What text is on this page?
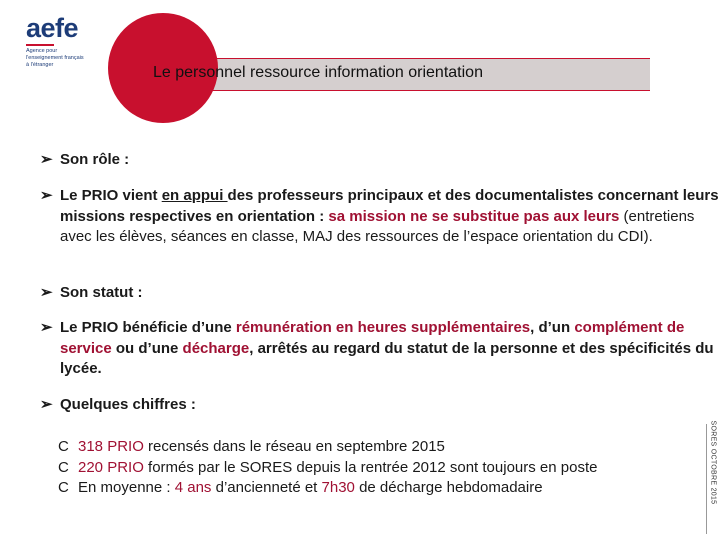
aefe
Agence pour
l'enseignement français
à l'étranger	Le personnel ressource information orientation
➢ Son rôle :
➢ Le PRIO vient en appui des professeurs principaux et des documentalistes concernant leurs missions respectives en orientation : sa mission ne se substitue pas aux leurs (entretiens avec les élèves, séances en classe, MAJ des ressources de l’espace orientation du CDI).
➢ Son statut :
➢ Le PRIO bénéficie d’une rémunération en heures supplémentaires, d’un complément de service ou d’une décharge, arrêtés au regard du statut de la personne et des spécificités du lycée.
➢ Quelques chiffres :
C 318 PRIO recensés dans le réseau en septembre 2015
C 220 PRIO formés par le SORES depuis la rentrée 2012 sont toujours en poste
C En moyenne : 4 ans d’ancienneté et 7h30 de décharge hebdomadaire	SORES OCTOBRE 2015
